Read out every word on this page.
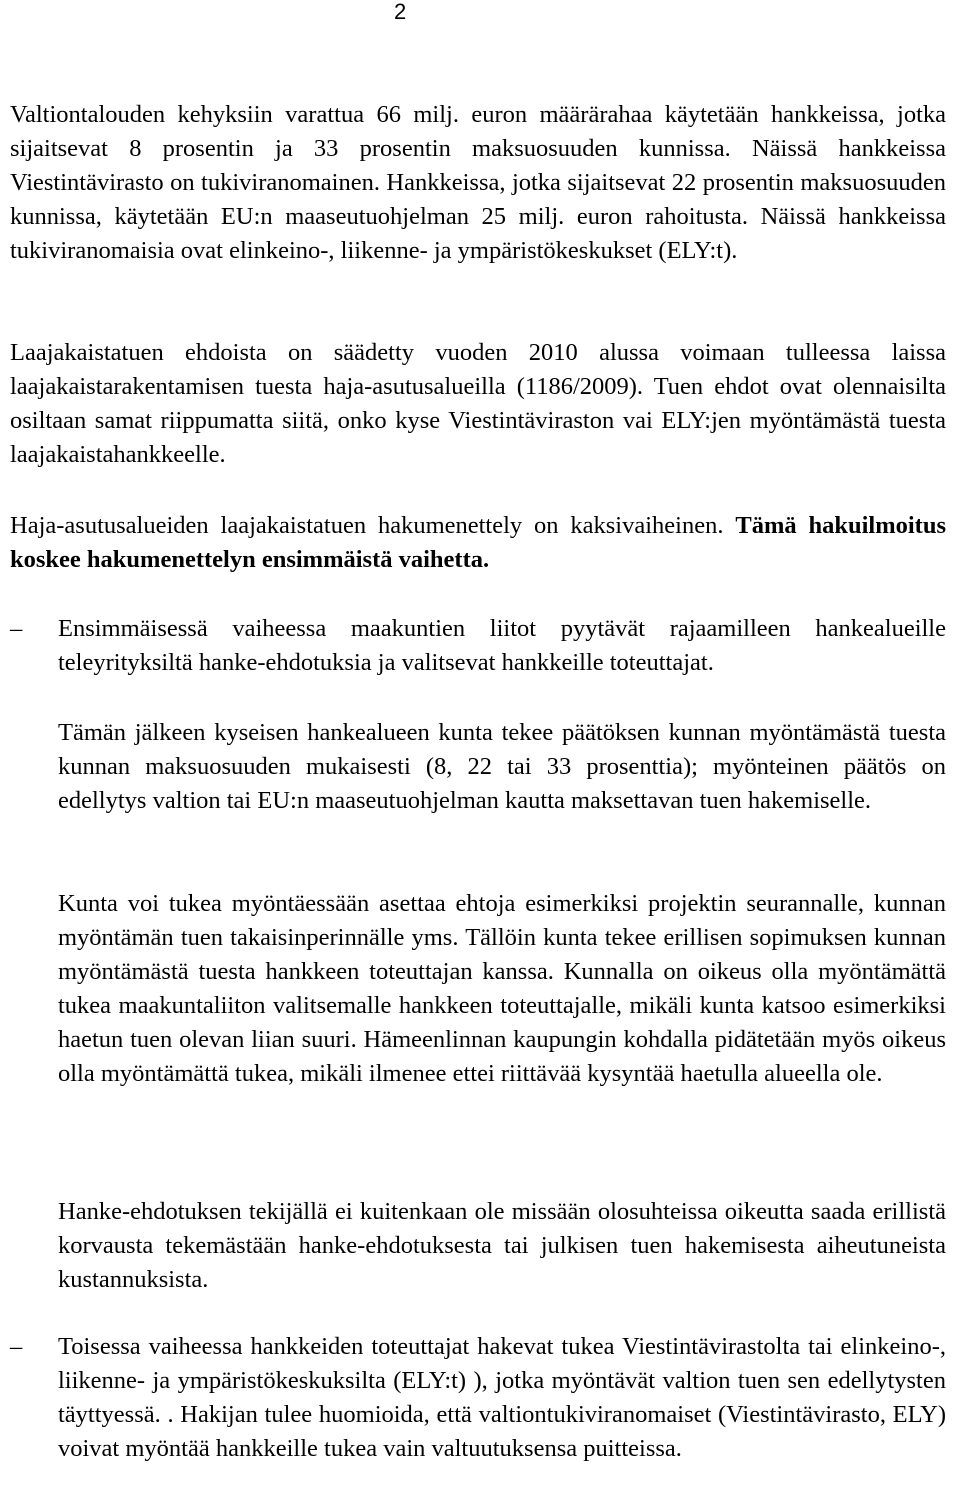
2

Valtiontalouden kehyksiin varattua 66 milj. euron määrärahaa käytetään hankkeissa, jotka sijaitsevat 8 prosentin ja 33 prosentin maksuosuuden kunnissa. Näissä hankkeissa Viestintävirasto on tukiviranomainen. Hankkeissa, jotka sijaitsevat 22 prosentin maksuosuuden kunnissa, käytetään EU:n maaseutuohjelman 25 milj. euron rahoitusta. Näissä hankkeissa tukiviranomaisia ovat elinkeino-, liikenne- ja ympäristökeskukset (ELY:t).

Laajakaistatuen ehdoista on säädetty vuoden 2010 alussa voimaan tulleessa laissa laajakaistarakentamisen tuesta haja-asutusalueilla (1186/2009). Tuen ehdot ovat olennaisilta osiltaan samat riippumatta siitä, onko kyse Viestintäviraston vai ELY:jen myöntämästä tuesta laajakaistahankkeelle.

Haja-asutusalueiden laajakaistatuen hakumenettely on kaksivaiheinen. Tämä hakuilmoitus koskee hakumenettelyn ensimmäistä vaihetta.

– Ensimmäisessä vaiheessa maakuntien liitot pyytävät rajaamilleen hankealueille teleyrityksiltä hanke-ehdotuksia ja valitsevat hankkeille toteuttajat.

Tämän jälkeen kyseisen hankealueen kunta tekee päätöksen kunnan myöntämästä tuesta kunnan maksuosuuden mukaisesti (8, 22 tai 33 prosenttia); myönteinen päätös on edellytys valtion tai EU:n maaseutuohjelman kautta maksettavan tuen hakemiselle.

Kunta voi tukea myöntäessään asettaa ehtoja esimerkiksi projektin seurannalle, kunnan myöntämän tuen takaisinperinnälle yms. Tällöin kunta tekee erillisen sopimuksen kunnan myöntämästä tuesta hankkeen toteuttajan kanssa. Kunnalla on oikeus olla myöntämättä tukea maakuntaliiton valitsemalle hankkeen toteuttajalle, mikäli kunta katsoo esimerkiksi haetun tuen olevan liian suuri. Hämeenlinnan kaupungin kohdalla pidätetään myös oikeus olla myöntämättä tukea, mikäli ilmenee ettei riittävää kysyntää haetulla alueella ole.

Hanke-ehdotuksen tekijällä ei kuitenkaan ole missään olosuhteissa oikeutta saada erillistä korvausta tekemästään hanke-ehdotuksesta tai julkisen tuen hakemisesta aiheutuneista kustannuksista.

– Toisessa vaiheessa hankkeiden toteuttajat hakevat tukea Viestintävirastolta tai elinkeino-, liikenne- ja ympäristökeskuksilta (ELY:t) ), jotka myöntävät valtion tuen sen edellytysten täyttyessä. . Hakijan tulee huomioida, että valtiontukiviranomaiset (Viestintävirasto, ELY) voivat myöntää hankkeille tukea vain valtuutuksensa puitteissa.
